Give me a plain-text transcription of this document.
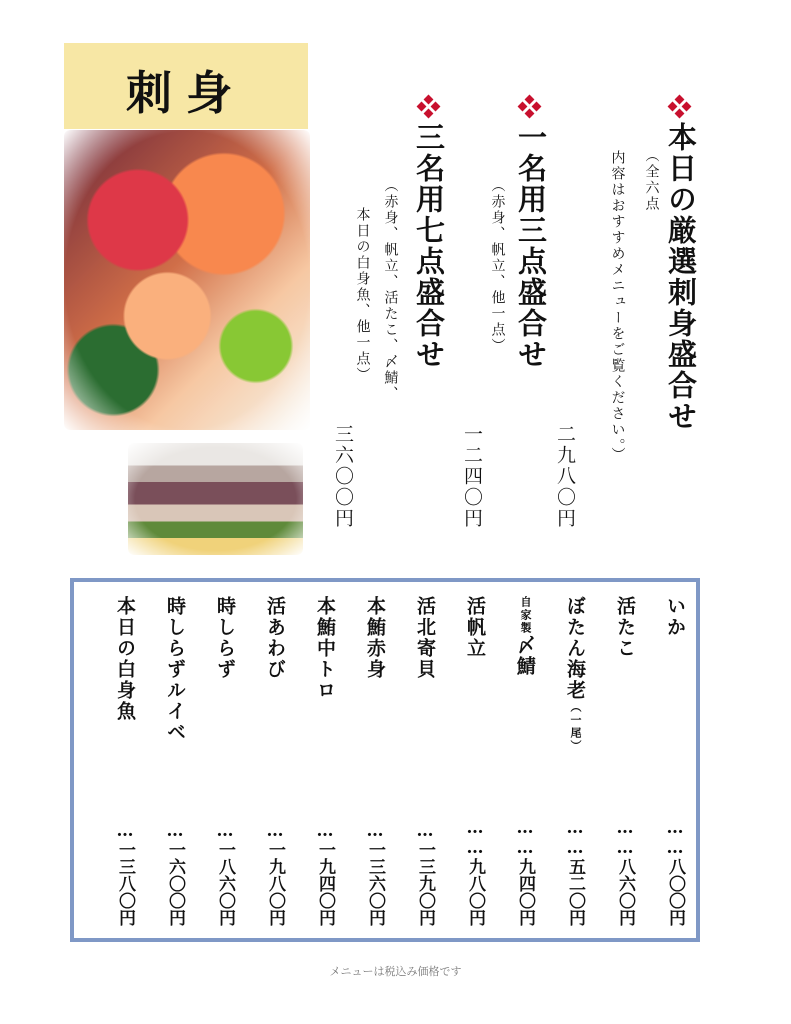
刺身
本日の厳選刺身盛合せ
（全六点
内容はおすすめメニューをご覧ください。）
二九八〇円
一名用三点盛合せ
（赤身、帆立、他一点）
一二四〇円
三名用七点盛合せ
（赤身、帆立、活たこ、〆鯖、
本日の白身魚、他一点）
三六〇〇円
いか
……八〇〇円
活たこ
……八六〇円
ぼたん海老（一尾）
……五二〇円
自家製〆鯖
……九四〇円
活帆立
……九八〇円
活北寄貝
…一三九〇円
本鮪赤身
…一三六〇円
本鮪中トロ
…一九四〇円
活あわび
…一九八〇円
時しらず
…一八六〇円
時しらずルイベ
…一六〇〇円
本日の白身魚
…一三八〇円
メニューは税込み価格です
